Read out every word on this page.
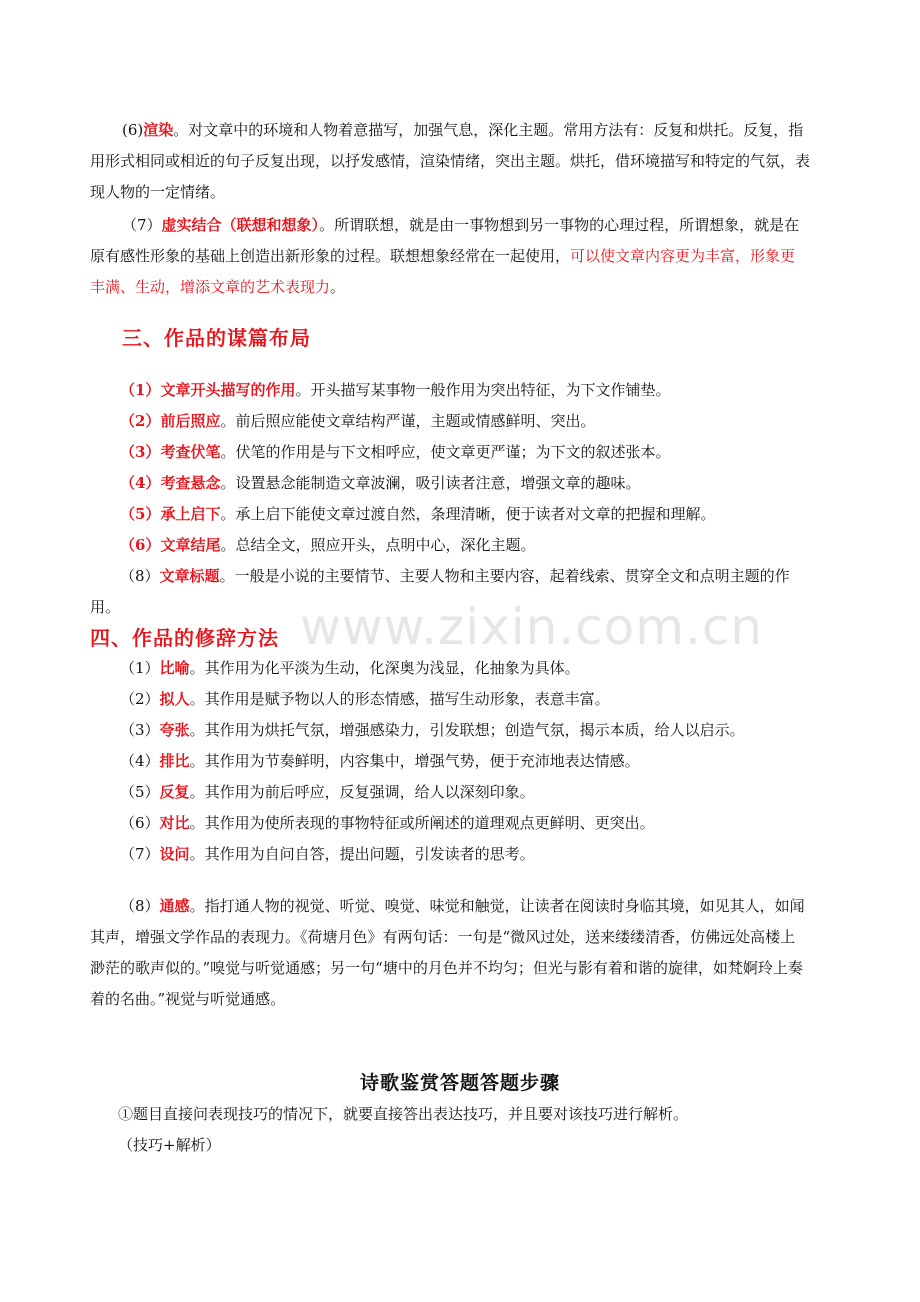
www.zixin.com.cn

(6)渲染。对文章中的环境和人物着意描写，加强气息，深化主题。常用方法有：反复和烘托。反复，指用形式相同或相近的句子反复出现，以抒发感情，渲染情绪，突出主题。烘托，借环境描写和特定的气氛，表现人物的一定情绪。

（7）虚实结合（联想和想象）。所谓联想，就是由一事物想到另一事物的心理过程，所谓想象，就是在原有感性形象的基础上创造出新形象的过程。联想想象经常在一起使用，可以使文章内容更为丰富，形象更丰满、生动，增添文章的艺术表现力。

三、作品的谋篇布局

（1）文章开头描写的作用。开头描写某事物一般作用为突出特征，为下文作铺垫。

（2）前后照应。前后照应能使文章结构严谨，主题或情感鲜明、突出。

（3）考查伏笔。伏笔的作用是与下文相呼应，使文章更严谨；为下文的叙述张本。

（4）考查悬念。设置悬念能制造文章波澜，吸引读者注意，增强文章的趣味。

（5）承上启下。承上启下能使文章过渡自然，条理清晰，便于读者对文章的把握和理解。

（6）文章结尾。总结全文，照应开头，点明中心，深化主题。

（8）文章标题。一般是小说的主要情节、主要人物和主要内容，起着线索、贯穿全文和点明主题的作用。

四、作品的修辞方法

（1）比喻。其作用为化平淡为生动，化深奥为浅显，化抽象为具体。

（2）拟人。其作用是赋予物以人的形态情感，描写生动形象，表意丰富。

（3）夸张。其作用为烘托气氛，增强感染力，引发联想；创造气氛，揭示本质，给人以启示。

（4）排比。其作用为节奏鲜明，内容集中，增强气势，便于充沛地表达情感。

（5）反复。其作用为前后呼应，反复强调，给人以深刻印象。

（6）对比。其作用为使所表现的事物特征或所阐述的道理观点更鲜明、更突出。

（7）设问。其作用为自问自答，提出问题，引发读者的思考。

（8）通感。指打通人物的视觉、听觉、嗅觉、味觉和触觉，让读者在阅读时身临其境，如见其人，如闻其声，增强文学作品的表现力。《荷塘月色》有两句话：一句是“微风过处，送来缕缕清香，仿佛远处高楼上渺茫的歌声似的。”嗅觉与听觉通感；另一句“塘中的月色并不均匀；但光与影有着和谐的旋律，如梵婀玲上奏着的名曲。”视觉与听觉通感。

诗歌鉴赏答题答题步骤

①题目直接问表现技巧的情况下，就要直接答出表达技巧，并且要对该技巧进行解析。

（技巧+解析）
